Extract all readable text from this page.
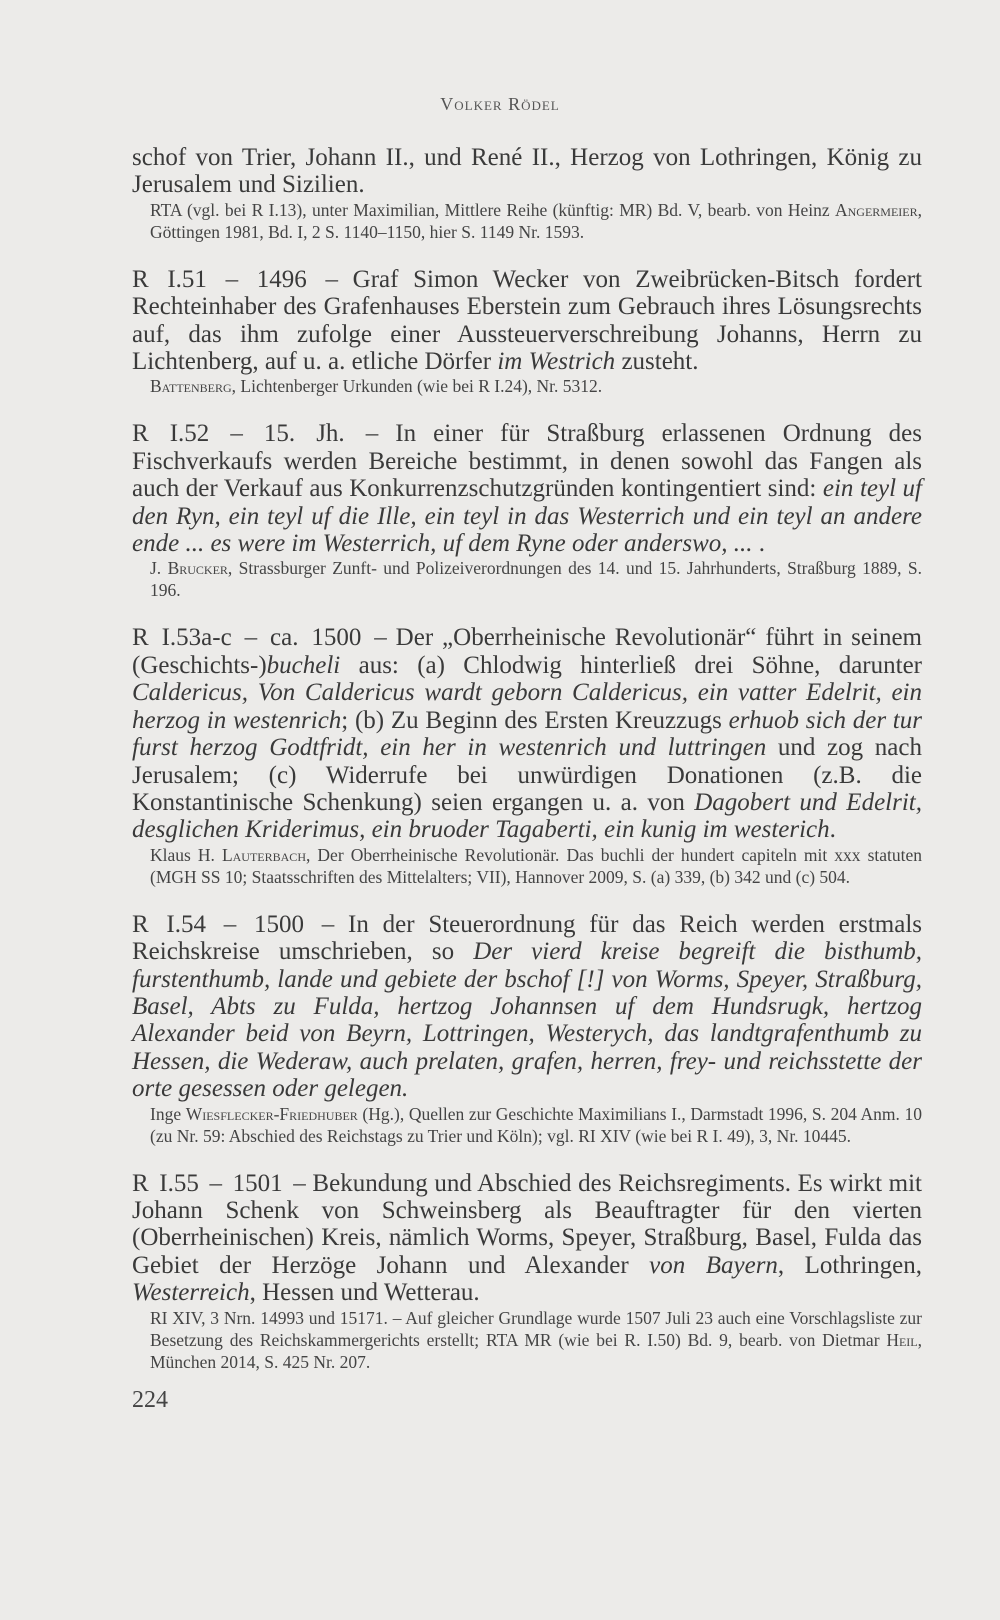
Volker Rödel

schof von Trier, Johann II., und René II., Herzog von Lothringen, König zu Jerusalem und Sizilien.

RTA (vgl. bei R I.13), unter Maximilian, Mittlere Reihe (künftig: MR) Bd. V, bearb. von Heinz Angermeier, Göttingen 1981, Bd. I, 2 S. 1140–1150, hier S. 1149 Nr. 1593.

R I.51 – 1496 – Graf Simon Wecker von Zweibrücken-Bitsch fordert Rechteinhaber des Grafenhauses Eberstein zum Gebrauch ihres Lösungsrechts auf, das ihm zufolge einer Aussteuerverschreibung Johanns, Herrn zu Lichtenberg, auf u. a. etliche Dörfer im Westrich zusteht.

Battenberg, Lichtenberger Urkunden (wie bei R I.24), Nr. 5312.

R I.52 – 15. Jh. – In einer für Straßburg erlassenen Ordnung des Fischverkaufs werden Bereiche bestimmt, in denen sowohl das Fangen als auch der Verkauf aus Konkurrenzschutzgründen kontingentiert sind: ein teyl uf den Ryn, ein teyl uf die Ille, ein teyl in das Westerrich und ein teyl an andere ende ... es were im Westerrich, uf dem Ryne oder anderswo, ... .

J. Brucker, Strassburger Zunft- und Polizeiverordnungen des 14. und 15. Jahrhunderts, Straßburg 1889, S. 196.

R I.53a-c – ca. 1500 – Der „Oberrheinische Revolutionär“ führt in seinem (Geschichts-)bucheli aus: (a) Chlodwig hinterließ drei Söhne, darunter Caldericus, Von Caldericus wardt geborn Caldericus, ein vatter Edelrit, ein herzog in westenrich; (b) Zu Beginn des Ersten Kreuzzugs erhuob sich der tur furst herzog Godtfridt, ein her in westenrich und luttringen und zog nach Jerusalem; (c) Widerrufe bei unwürdigen Donationen (z.B. die Konstantinische Schenkung) seien ergangen u. a. von Dagobert und Edelrit, desglichen Kriderimus, ein bruoder Tagaberti, ein kunig im westerich.

Klaus H. Lauterbach, Der Oberrheinische Revolutionär. Das buchli der hundert capiteln mit xxx statuten (MGH SS 10; Staatsschriften des Mittelalters; VII), Hannover 2009, S. (a) 339, (b) 342 und (c) 504.

R I.54 – 1500 – In der Steuerordnung für das Reich werden erstmals Reichskreise umschrieben, so Der vierd kreise begreift die bisthumb, furstenthumb, lande und gebiete der bschof [!] von Worms, Speyer, Straßburg, Basel, Abts zu Fulda, hertzog Johannsen uf dem Hundsrugk, hertzog Alexander beid von Beyrn, Lottringen, Westerych, das landtgrafenthumb zu Hessen, die Wederaw, auch prelaten, grafen, herren, frey- und reichsstette der orte gesessen oder gelegen.

Inge Wiesflecker-Friedhuber (Hg.), Quellen zur Geschichte Maximilians I., Darmstadt 1996, S. 204 Anm. 10 (zu Nr. 59: Abschied des Reichstags zu Trier und Köln); vgl. RI XIV (wie bei R I. 49), 3, Nr. 10445.

R I.55 – 1501 – Bekundung und Abschied des Reichsregiments. Es wirkt mit Johann Schenk von Schweinsberg als Beauftragter für den vierten (Oberrheinischen) Kreis, nämlich Worms, Speyer, Straßburg, Basel, Fulda das Gebiet der Herzöge Johann und Alexander von Bayern, Lothringen, Westerreich, Hessen und Wetterau.

RI XIV, 3 Nrn. 14993 und 15171. – Auf gleicher Grundlage wurde 1507 Juli 23 auch eine Vorschlagsliste zur Besetzung des Reichskammergerichts erstellt; RTA MR (wie bei R. I.50) Bd. 9, bearb. von Dietmar Heil, München 2014, S. 425 Nr. 207.

224
